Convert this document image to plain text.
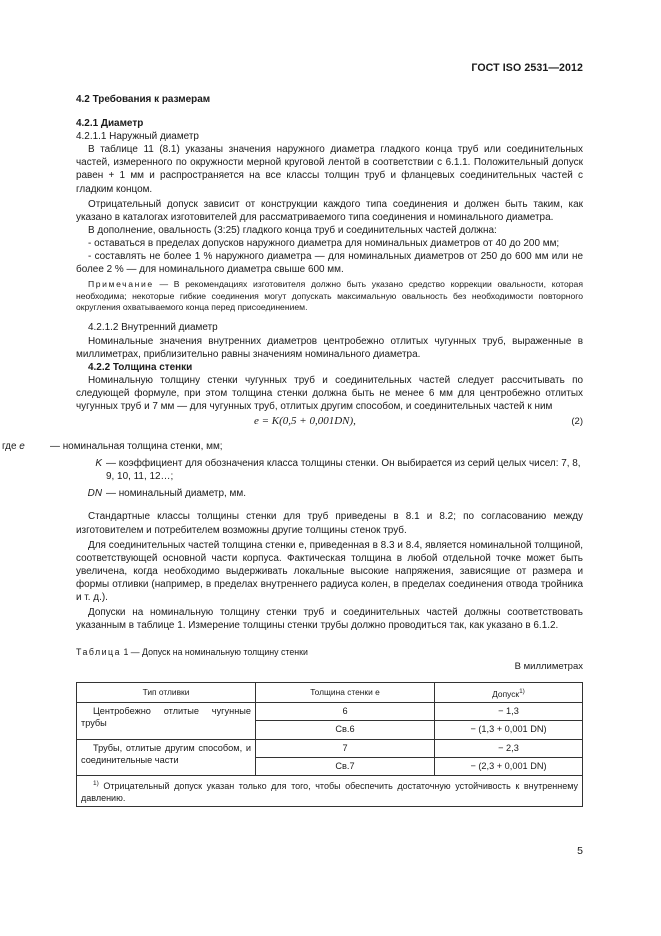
ГОСТ ISO 2531—2012

4.2 Требования к размерам

4.2.1 Диаметр

4.2.1.1 Наружный диаметр

В таблице 11 (8.1) указаны значения наружного диаметра гладкого конца труб или соединительных частей, измеренного по окружности мерной круговой лентой в соответствии с 6.1.1. Положительный допуск равен + 1 мм и распространяется на все классы толщин труб и фланцевых соединительных частей с гладким концом.

Отрицательный допуск зависит от конструкции каждого типа соединения и должен быть таким, как указано в каталогах изготовителей для рассматриваемого типа соединения и номинального диаметра.

В дополнение, овальность (3:25) гладкого конца труб и соединительных частей должна:

- оставаться в пределах допусков наружного диаметра для номинальных диаметров от 40 до 200 мм;

- составлять не более 1 % наружного диаметра — для номинальных диаметров от 250 до 600 мм или не более 2 % — для номинального диаметра свыше 600 мм.

Примечание — В рекомендациях изготовителя должно быть указано средство коррекции овальности, которая необходима; некоторые гибкие соединения могут допускать максимальную овальность без необходимости повторного округления охватываемого конца перед присоединением.

4.2.1.2 Внутренний диаметр

Номинальные значения внутренних диаметров центробежно отлитых чугунных труб, выраженные в миллиметрах, приблизительно равны значениям номинального диаметра.

4.2.2 Толщина стенки

Номинальную толщину стенки чугунных труб и соединительных частей следует рассчитывать по следующей формуле, при этом толщина стенки должна быть не менее 6 мм для центробежно отлитых чугунных труб и 7 мм — для чугунных труб, отлитых другим способом, и соединительных частей к ним

e = K(0,5 + 0,001DN),	(2)
где e	— номинальная толщина стенки, мм;
K — коэффициент для обозначения класса толщины стенки. Он выбирается из серий целых чисел: 7, 8, 9, 10, 11, 12…;
DN — номинальный диаметр, мм.

Стандартные классы толщины стенки для труб приведены в 8.1 и 8.2; по согласованию между изготовителем и потребителем возможны другие толщины стенок труб.

Для соединительных частей толщина стенки e, приведенная в 8.3 и 8.4, является номинальной толщиной, соответствующей основной части корпуса. Фактическая толщина в любой отдельной точке может быть увеличена, когда необходимо выдерживать локальные высокие напряжения, зависящие от размера и формы отливки (например, в пределах внутреннего радиуса колен, в пределах соединения отвода тройника и т. д.).

Допуски на номинальную толщину стенки труб и соединительных частей должны соответствовать указанным в таблице 1. Измерение толщины стенки трубы должно проводиться так, как указано в 6.1.2.

Таблица 1 — Допуск на номинальную толщину стенки
В миллиметрах
Тип отливки	Толщина стенки e	Допуск$^{1)}$
Центробежно отлитые чугунные трубы	6	− 1,3
	Св.6	− (1,3 + 0,001 DN)
Трубы, отлитые другим способом, и соединительные части	7	− 2,3
	Св.7	− (2,3 + 0,001 DN)
$^{1)}$ Отрицательный допуск указан только для того, чтобы обеспечить достаточную устойчивость к внутреннему давлению.		
5
